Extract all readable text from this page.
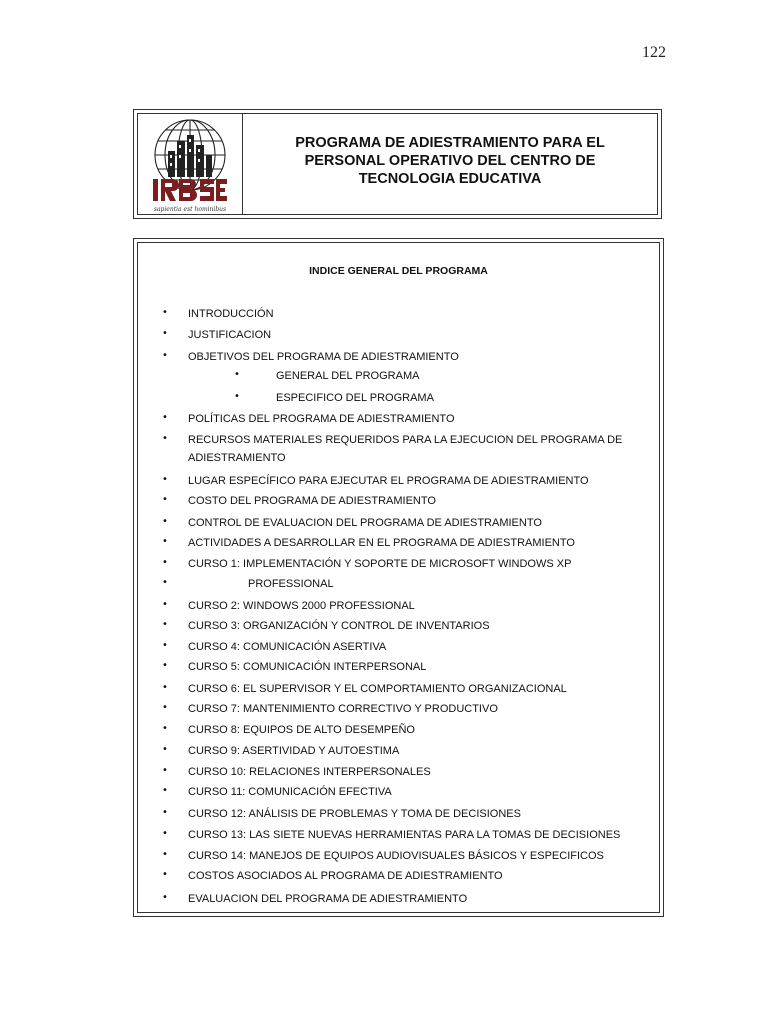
122
sapientia est hominibus
PROGRAMA DE ADIESTRAMIENTO PARA EL
PERSONAL OPERATIVO DEL CENTRO DE
TECNOLOGIA EDUCATIVA
INDICE GENERAL DEL PROGRAMA
• INTRODUCCIÓN
• JUSTIFICACION
• OBJETIVOS DEL PROGRAMA DE ADIESTRAMIENTO
•	GENERAL DEL PROGRAMA
•	ESPECIFICO DEL PROGRAMA
• POLÍTICAS DEL PROGRAMA DE ADIESTRAMIENTO
• RECURSOS MATERIALES REQUERIDOS PARA LA EJECUCION DEL PROGRAMA DE
ADIESTRAMIENTO
• LUGAR ESPECÍFICO PARA EJECUTAR EL PROGRAMA DE ADIESTRAMIENTO
• COSTO DEL PROGRAMA DE ADIESTRAMIENTO
• CONTROL DE EVALUACION DEL PROGRAMA DE ADIESTRAMIENTO
• ACTIVIDADES A DESARROLLAR EN EL PROGRAMA DE ADIESTRAMIENTO
• CURSO 1: IMPLEMENTACIÓN Y SOPORTE DE MICROSOFT WINDOWS XP
•	PROFESSIONAL
• CURSO 2: WINDOWS 2000 PROFESSIONAL
• CURSO 3: ORGANIZACIÓN Y CONTROL DE INVENTARIOS
• CURSO 4: COMUNICACIÓN ASERTIVA
• CURSO 5: COMUNICACIÓN INTERPERSONAL
• CURSO 6: EL SUPERVISOR Y EL COMPORTAMIENTO ORGANIZACIONAL
• CURSO 7: MANTENIMIENTO CORRECTIVO Y PRODUCTIVO
• CURSO 8: EQUIPOS DE ALTO DESEMPEÑO
• CURSO 9: ASERTIVIDAD Y AUTOESTIMA
• CURSO 10: RELACIONES INTERPERSONALES
• CURSO 11: COMUNICACIÓN EFECTIVA
• CURSO 12: ANÁLISIS DE PROBLEMAS Y TOMA DE DECISIONES
• CURSO 13: LAS SIETE NUEVAS HERRAMIENTAS PARA LA TOMAS DE DECISIONES
• CURSO 14: MANEJOS DE EQUIPOS AUDIOVISUALES BÁSICOS Y ESPECIFICOS
• COSTOS ASOCIADOS AL PROGRAMA DE ADIESTRAMIENTO
• EVALUACION DEL PROGRAMA DE ADIESTRAMIENTO
